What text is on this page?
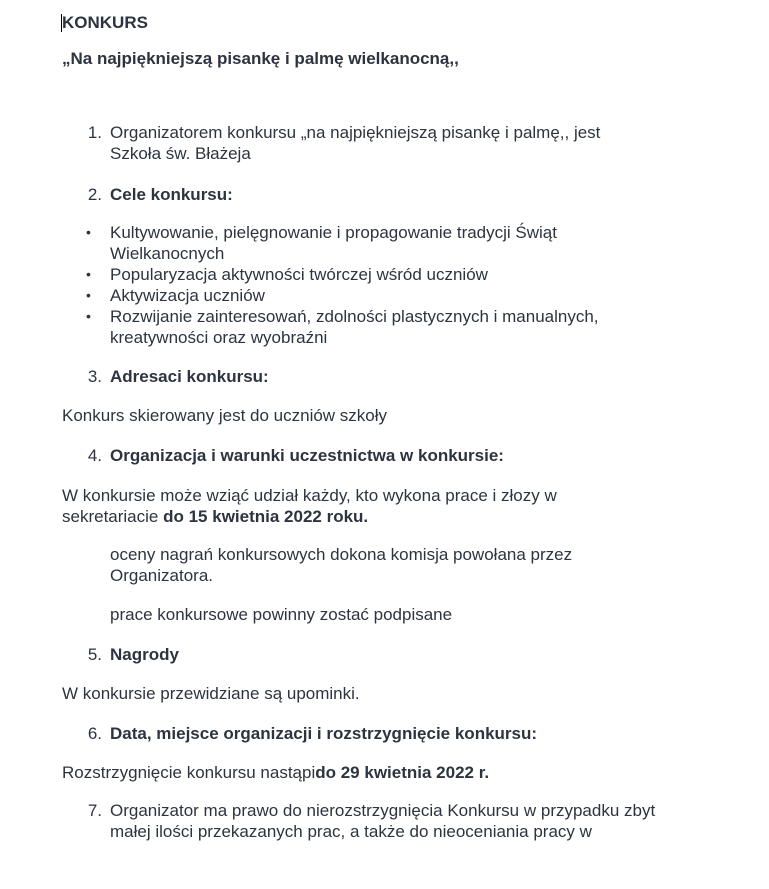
KONKURS
„Na najpiękniejszą pisankę i palmę wielkanocną,,
1. Organizatorem konkursu „na najpiękniejszą pisankę i palmę,, jest Szkoła św. Błażeja
2. Cele konkursu:
• Kultywowanie, pielęgnowanie i propagowanie tradycji Świąt Wielkanocnych
• Popularyzacja aktywności twórczej wśród uczniów
• Aktywizacja uczniów
• Rozwijanie zainteresowań, zdolności plastycznych i manualnych, kreatywności oraz wyobraźni
3. Adresaci konkursu:
Konkurs skierowany jest do uczniów szkoły
4. Organizacja i warunki uczestnictwa w konkursie:
W konkursie może wziąć udział każdy, kto wykona prace i złozy w sekretariacie do 15 kwietnia 2022 roku.
oceny nagrań konkursowych dokona komisja powołana przez Organizatora.
prace konkursowe powinny zostać podpisane
5. Nagrody
W konkursie przewidziane są upominki.
6. Data, miejsce organizacji i rozstrzygnięcie konkursu:
Rozstrzygnięcie konkursu nastąpido 29 kwietnia 2022 r.
7. Organizator ma prawo do nierozstrzygnięcia Konkursu w przypadku zbyt małej ilości przekazanych prac, a także do nieoceniania pracy w
